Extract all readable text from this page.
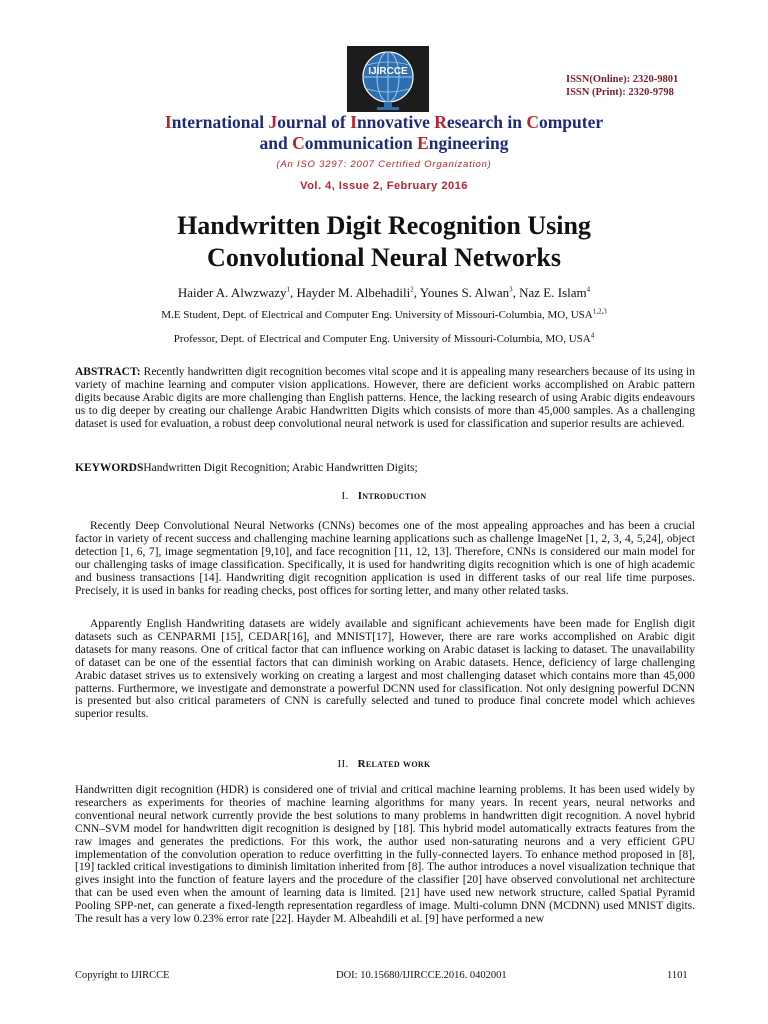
IJIRCCE
ISSN(Online): 2320-9801
ISSN (Print): 2320-9798
International Journal of Innovative Research in Computer
and Communication Engineering
(An ISO 3297: 2007 Certified Organization)
Vol. 4, Issue 2, February 2016
Handwritten Digit Recognition Using
Convolutional Neural Networks
Haider A. Alwzwazy$^1$, Hayder M. Albehadili$^2$, Younes S. Alwan$^3$, Naz E. Islam$^4$
M.E Student, Dept. of Electrical and Computer Eng. University of Missouri-Columbia, MO, USA$^{1,2,3}$
Professor, Dept. of Electrical and Computer Eng. University of Missouri-Columbia, MO, USA$^4$
ABSTRACT: Recently handwritten digit recognition becomes vital scope and it is appealing many researchers because of its using in variety of machine learning and computer vision applications. However, there are deficient works accomplished on Arabic pattern digits because Arabic digits are more challenging than English patterns. Hence, the lacking research of using Arabic digits endeavours us to dig deeper by creating our challenge Arabic Handwritten Digits which consists of more than 45,000 samples. As a challenging dataset is used for evaluation, a robust deep convolutional neural network is used for classification and superior results are achieved.
KEYWORDSHandwritten Digit Recognition; Arabic Handwritten Digits;
I. Introduction
Recently Deep Convolutional Neural Networks (CNNs) becomes one of the most appealing approaches and has been a crucial factor in variety of recent success and challenging machine learning applications such as challenge ImageNet [1, 2, 3, 4, 5,24], object detection [1, 6, 7], image segmentation [9,10], and face recognition [11, 12, 13]. Therefore, CNNs is considered our main model for our challenging tasks of image classification. Specifically, it is used for handwriting digits recognition which is one of high academic and business transactions [14]. Handwriting digit recognition application is used in different tasks of our real life time purposes. Precisely, it is used in banks for reading checks, post offices for sorting letter, and many other related tasks.
Apparently English Handwriting datasets are widely available and significant achievements have been made for English digit datasets such as CENPARMI [15], CEDAR[16], and MNIST[17], However, there are rare works accomplished on Arabic digit datasets for many reasons. One of critical factor that can influence working on Arabic dataset is lacking to dataset. The unavailability of dataset can be one of the essential factors that can diminish working on Arabic datasets. Hence, deficiency of large challenging Arabic dataset strives us to extensively working on creating a largest and most challenging dataset which contains more than 45,000 patterns. Furthermore, we investigate and demonstrate a powerful DCNN used for classification. Not only designing powerful DCNN is presented but also critical parameters of CNN is carefully selected and tuned to produce final concrete model which achieves superior results.
II. Related work
Handwritten digit recognition (HDR) is considered one of trivial and critical machine learning problems. It has been used widely by researchers as experiments for theories of machine learning algorithms for many years. In recent years, neural networks and conventional neural network currently provide the best solutions to many problems in handwritten digit recognition. A novel hybrid CNN–SVM model for handwritten digit recognition is designed by [18]. This hybrid model automatically extracts features from the raw images and generates the predictions. For this work, the author used non-saturating neurons and a very efficient GPU implementation of the convolution operation to reduce overfitting in the fully-connected layers. To enhance method proposed in [8], [19] tackled critical investigations to diminish limitation inherited from [8]. The author introduces a novel visualization technique that gives insight into the function of feature layers and the procedure of the classifier [20] have observed convolutional net architecture that can be used even when the amount of learning data is limited. [21] have used new network structure, called Spatial Pyramid Pooling SPP-net, can generate a fixed-length representation regardless of image. Multi-column DNN (MCDNN) used MNIST digits. The result has a very low 0.23% error rate [22]. Hayder M. Albeahdili et al. [9] have performed a new
Copyright to IJIRCCE	DOI: 10.15680/IJIRCCE.2016. 0402001	1101
